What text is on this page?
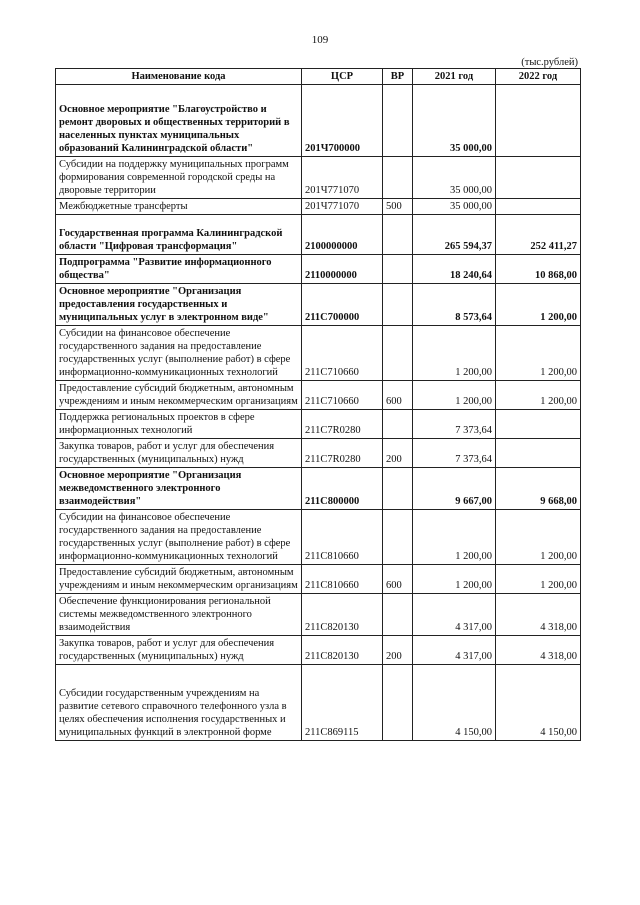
109
(тыс.рублей)
Наименование кода	ЦСР	ВР	2021 год	2022 год
Основное мероприятие "Благоустройство и ремонт дворовых и общественных территорий в населенных пунктах муниципальных образований Калининградской области"	201Ч700000		35 000,00	
Субсидии на поддержку муниципальных программ формирования современной городской среды на дворовые территории	201Ч771070		35 000,00	
Межбюджетные трансферты	201Ч771070	500	35 000,00	
Государственная программа Калининградской области "Цифровая трансформация"	2100000000		265 594,37	252 411,27
Подпрограмма "Развитие информационного общества"	2110000000		18 240,64	10 868,00
Основное мероприятие "Организация предоставления государственных и муниципальных услуг в электронном виде"	211С700000		8 573,64	1 200,00
Субсидии на финансовое обеспечение государственного задания на предоставление государственных услуг (выполнение работ) в сфере информационно-коммуникационных технологий	211С710660		1 200,00	1 200,00
Предоставление субсидий бюджетным, автономным учреждениям и иным некоммерческим организациям	211С710660	600	1 200,00	1 200,00
Поддержка региональных проектов в сфере информационных технологий	211С7R0280		7 373,64	
Закупка товаров, работ и услуг для обеспечения государственных (муниципальных) нужд	211С7R0280	200	7 373,64	
Основное мероприятие "Организация межведомственного электронного взаимодействия"	211С800000		9 667,00	9 668,00
Субсидии на финансовое обеспечение государственного задания на предоставление государственных услуг (выполнение работ) в сфере информационно-коммуникационных технологий	211С810660		1 200,00	1 200,00
Предоставление субсидий бюджетным, автономным учреждениям и иным некоммерческим организациям	211С810660	600	1 200,00	1 200,00
Обеспечение функционирования региональной системы межведомственного электронного взаимодействия	211С820130		4 317,00	4 318,00
Закупка товаров, работ и услуг для обеспечения государственных (муниципальных) нужд	211С820130	200	4 317,00	4 318,00
Субсидии государственным учреждениям на развитие сетевого справочного телефонного узла в целях обеспечения исполнения государственных и муниципальных функций в электронной форме	211С869115		4 150,00	4 150,00
